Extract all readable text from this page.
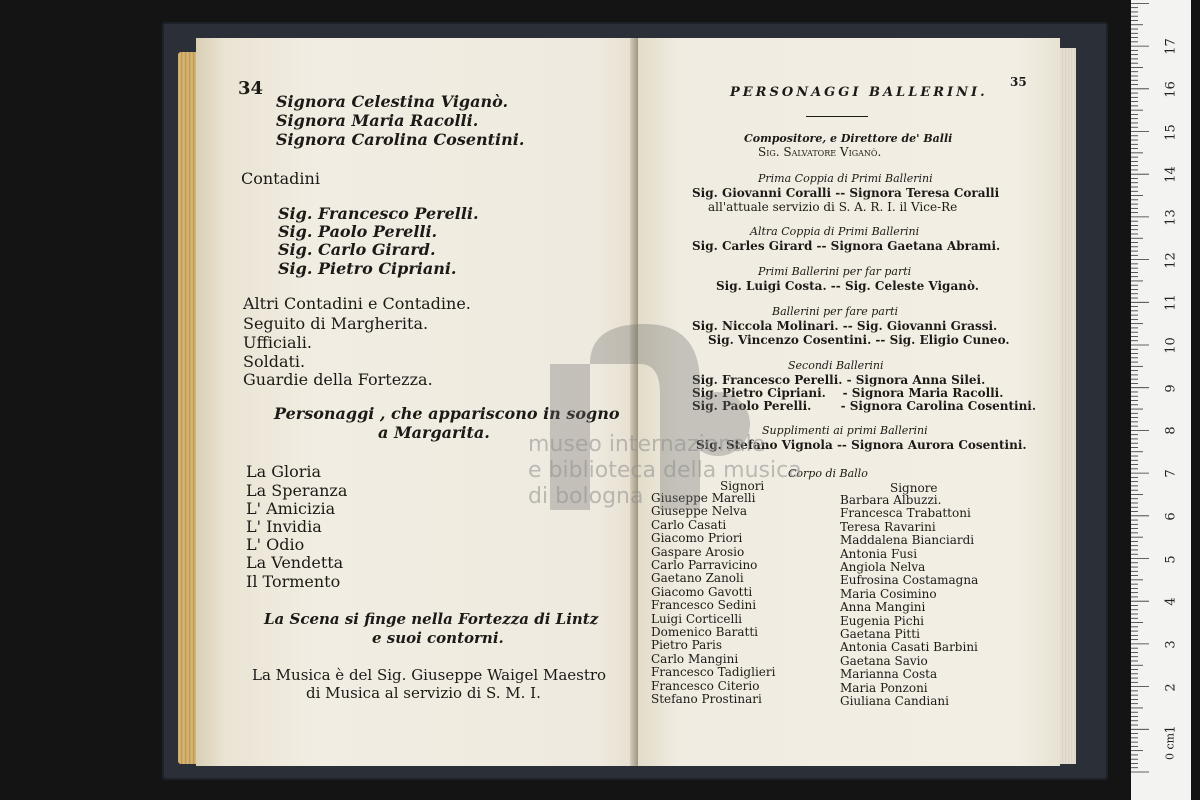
34
Signora Celestina Viganò.
Signora Maria Racolli.
Signora Carolina Cosentini.
Contadini
Sig. Francesco Perelli.
Sig. Paolo Perelli.
Sig. Carlo Girard.
Sig. Pietro Cipriani.
Altri Contadini e Contadine.
Seguito di Margherita.
Ufficiali.
Soldati.
Guardie della Fortezza.
Personaggi , che appariscono in sogno
a Margarita.
La Gloria
La Speranza
L' Amicizia
L' Invidia
L' Odio
La Vendetta
Il Tormento
La Scena si finge nella Fortezza di Lintz
e suoi contorni.
La Musica è del Sig. Giuseppe Waigel Maestro
di Musica al servizio di S. M. I.
PERSONAGGI BALLERINI.
35
Compositore, e Direttore de' Balli
Sig. Salvatore Viganò.
Prima Coppia di Primi Ballerini
Sig. Giovanni Coralli -- Signora Teresa Coralli
all'attuale servizio di S. A. R. I. il Vice-Re
Altra Coppia di Primi Ballerini
Sig. Carles Girard -- Signora Gaetana Abrami.
Primi Ballerini per far parti
Sig. Luigi Costa. -- Sig. Celeste Viganò.
Ballerini per fare parti
Sig. Niccola Molinari. -- Sig. Giovanni Grassi.
Sig. Vincenzo Cosentini. -- Sig. Eligio Cuneo.
Secondi Ballerini
Sig. Francesco Perelli. - Signora Anna Silei.
Sig. Pietro Cipriani.    - Signora Maria Racolli.
Sig. Paolo Perelli.       - Signora Carolina Cosentini.
Supplimenti ai primi Ballerini
Sig. Stefano Vignola -- Signora Aurora Cosentini.
Corpo di Ballo
Signori	Signore
Giuseppe Marelli
Giuseppe Nelva
Carlo Casati
Giacomo Priori
Gaspare Arosio
Carlo Parravicino
Gaetano Zanoli
Giacomo Gavotti
Francesco Sedini
Luigi Corticelli
Domenico Baratti
Pietro Paris
Carlo Mangini
Francesco Tadiglieri
Francesco Citerio
Stefano Prostinari
Barbara Albuzzi.
Francesca Trabattoni
Teresa Ravarini
Maddalena Bianciardi
Antonia Fusi
Angiola Nelva
Eufrosina Costamagna
Maria Cosimino
Anna Mangini
Eugenia Pichi
Gaetana Pitti
Antonia Casati Barbini
Gaetana Savio
Marianna Costa
Maria Ponzoni
Giuliana Candiani
museo internazionale
e biblioteca della musica
di bologna
1
2
3
4
5
6
7
8
9
10
11
12
13
14
15
16
17
0 cm
